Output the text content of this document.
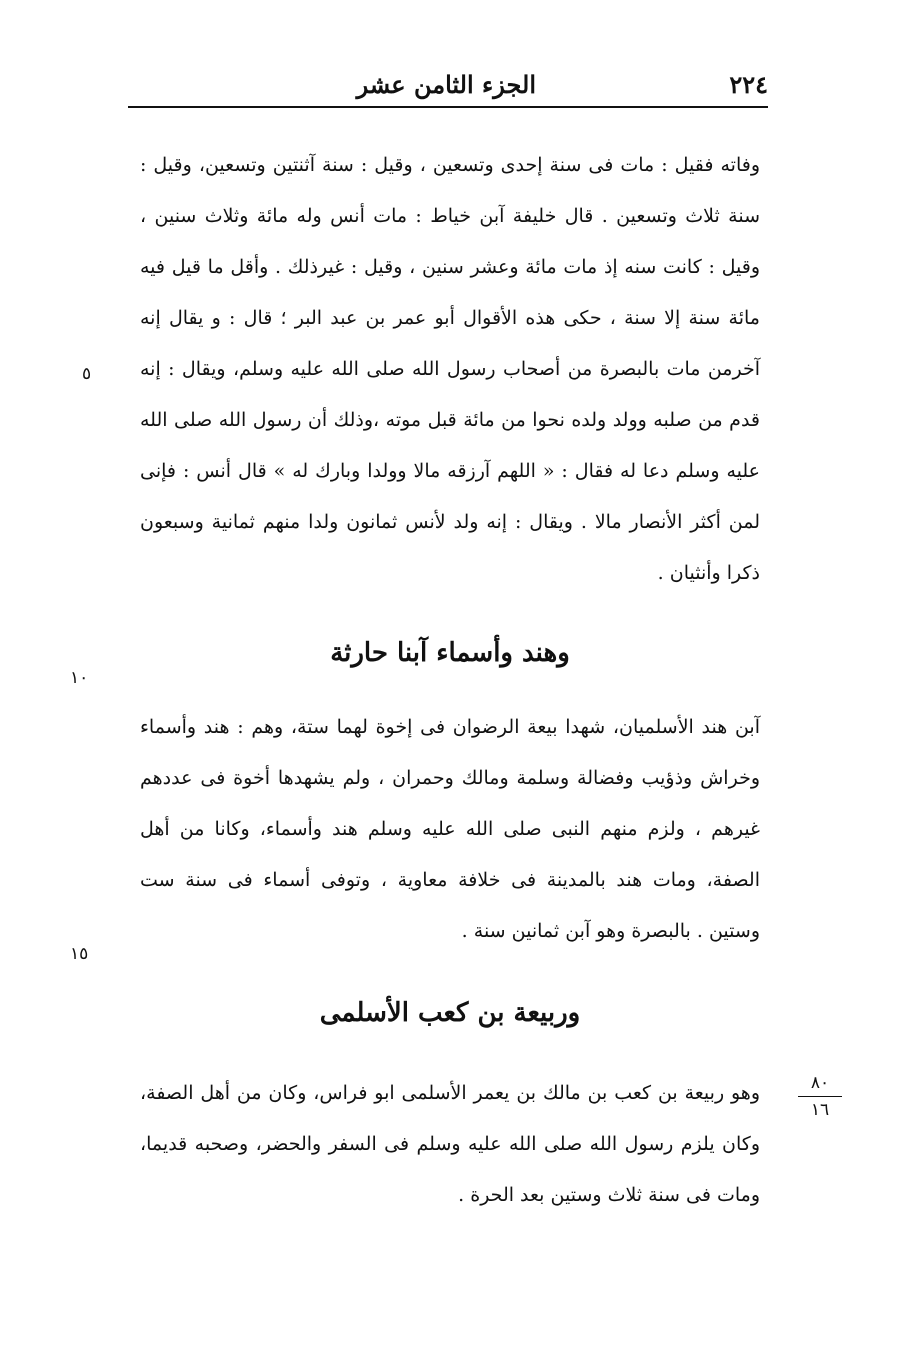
٢٢٤
الجزء الثامن عشر

وفاته فقيل : مات فى سنة إحدى وتسعين ، وقيل : سنة آثنتين وتسعين، وقيل : سنة ثلاث وتسعين . قال خليفة آبن خياط : مات أنس وله مائة وثلاث سنين ، وقيل : كانت سنه إذ مات مائة وعشر سنين ، وقيل : غيرذلك . وأقل ما قيل فيه مائة سنة إلا سنة ، حكى هذه الأقوال أبو عمر بن عبد البر ؛ قال : و يقال إنه آخرمن مات بالبصرة من أصحاب رسول الله صلى الله عليه وسلم، ويقال : إنه قدم من صلبه وولد ولده نحوا من مائة قبل موته ،وذلك أن رسول الله صلى الله عليه وسلم دعا له فقال : « اللهم آرزقه مالا وولدا وبارك له » قال أنس : فإنى لمن أكثر الأنصار مالا . ويقال : إنه ولد لأنس ثمانون ولدا منهم ثمانية وسبعون ذكرا وأنثيان .

وهند وأسماء آبنا حارثة

آبن هند الأسلميان، شهدا بيعة الرضوان فى إخوة لهما ستة، وهم : هند وأسماء وخراش وذؤيب وفضالة وسلمة ومالك وحمران ، ولم يشهدها أخوة فى عددهم غيرهم ، ولزم منهم النبى صلى الله عليه وسلم هند وأسماء، وكانا من أهل الصفة، ومات هند بالمدينة فى خلافة معاوية ، وتوفى أسماء فى سنة ست وستين . بالبصرة وهو آبن ثمانين سنة .

وربيعة بن كعب الأسلمى

وهو ربيعة بن كعب بن مالك بن يعمر الأسلمى ابو فراس، وكان من أهل الصفة، وكان يلزم رسول الله صلى الله عليه وسلم فى السفر والحضر، وصحبه قديما، ومات فى سنة ثلاث وستين بعد الحرة .

٥
١٠
١٥
٨٠
١٦
